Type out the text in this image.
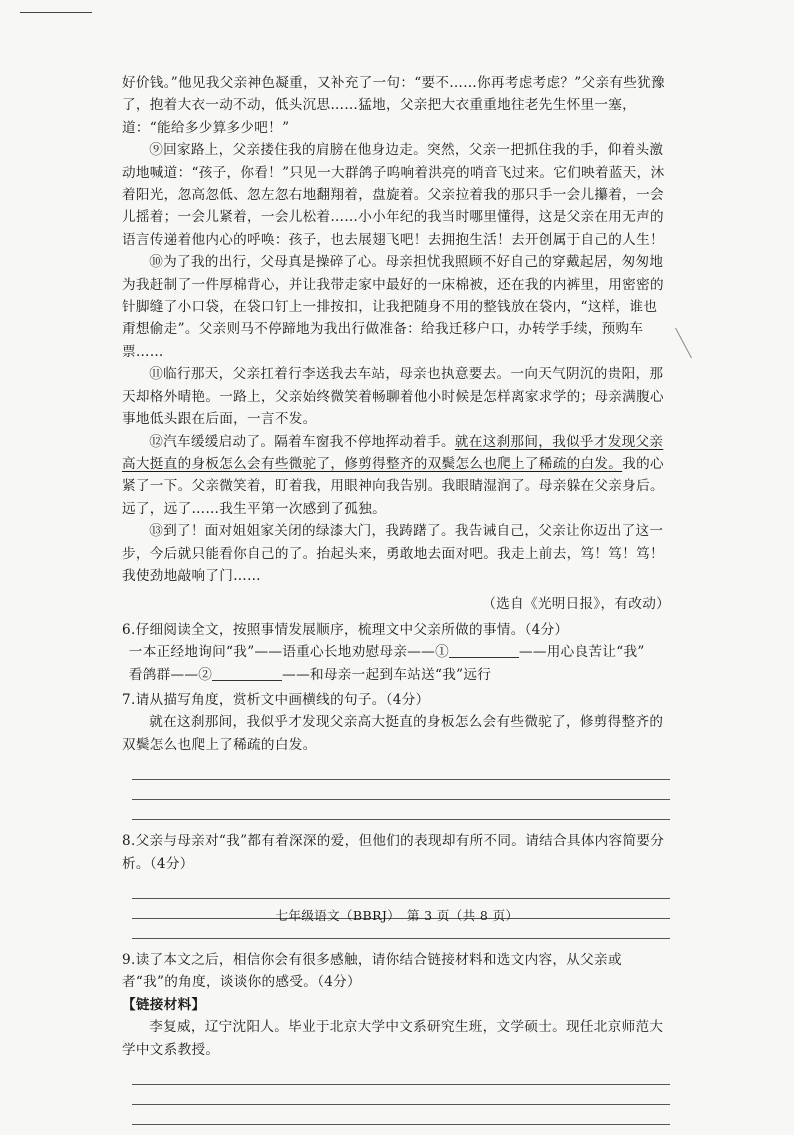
好价钱。”他见我父亲神色凝重，又补充了一句：“要不……你再考虑考虑？”父亲有些犹豫了，抱着大衣一动不动，低头沉思……猛地，父亲把大衣重重地往老先生怀里一塞，道：“能给多少算多少吧！”

⑨回家路上，父亲搂住我的肩膀在他身边走。突然，父亲一把抓住我的手，仰着头激动地喊道：“孩子，你看！”只见一大群鸽子呜响着洪亮的哨音飞过来。它们映着蓝天，沐着阳光，忽高忽低、忽左忽右地翻翔着，盘旋着。父亲拉着我的那只手一会儿攥着，一会儿摇着；一会儿紧着，一会儿松着……小小年纪的我当时哪里懂得，这是父亲在用无声的语言传递着他内心的呼唤：孩子，也去展翅飞吧！去拥抱生活！去开创属于自己的人生！

⑩为了我的出行，父母真是操碎了心。母亲担忧我照顾不好自己的穿戴起居，匆匆地为我赶制了一件厚棉背心，并让我带走家中最好的一床棉被，还在我的内裤里，用密密的针脚缝了小口袋，在袋口钉上一排按扣，让我把随身不用的整钱放在袋内，“这样，谁也甭想偷走”。父亲则马不停蹄地为我出行做准备：给我迁移户口，办转学手续，预购车票……

⑪临行那天，父亲扛着行李送我去车站，母亲也执意要去。一向天气阴沉的贵阳，那天却格外晴艳。一路上，父亲始终微笑着畅聊着他小时候是怎样离家求学的；母亲满腹心事地低头跟在后面，一言不发。

⑫汽车缓缓启动了。隔着车窗我不停地挥动着手。就在这刹那间，我似乎才发现父亲高大挺直的身板怎么会有些微驼了，修剪得整齐的双鬓怎么也爬上了稀疏的白发。我的心紧了一下。父亲微笑着，盯着我，用眼神向我告别。我眼睛湿润了。母亲躲在父亲身后。远了，远了……我生平第一次感到了孤独。

⑬到了！面对姐姐家关闭的绿漆大门，我踌躇了。我告诫自己，父亲让你迈出了这一步，今后就只能看你自己的了。抬起头来，勇敢地去面对吧。我走上前去，笃！笃！笃！我使劲地敲响了门……

（选自《光明日报》，有改动）

6.仔细阅读全文，按照事情发展顺序，梳理文中父亲所做的事情。（4分）

一本正经地询问“我”——语重心长地劝慰母亲——①	——用心良苦让“我”

看鸽群——②	——和母亲一起到车站送“我”远行

7.请从描写角度，赏析文中画横线的句子。（4分）

就在这刹那间，我似乎才发现父亲高大挺直的身板怎么会有些微驼了，修剪得整齐的双鬓怎么也爬上了稀疏的白发。

8.父亲与母亲对“我”都有着深深的爱，但他们的表现却有所不同。请结合具体内容简要分析。（4分）

9.读了本文之后，相信你会有很多感触，请你结合链接材料和选文内容，从父亲或者“我”的角度，谈谈你的感受。（4分）

【链接材料】

李复威，辽宁沈阳人。毕业于北京大学中文系研究生班，文学硕士。现任北京师范大学中文系教授。

七年级语文（BBRJ）　第 3 页（共 8 页）
